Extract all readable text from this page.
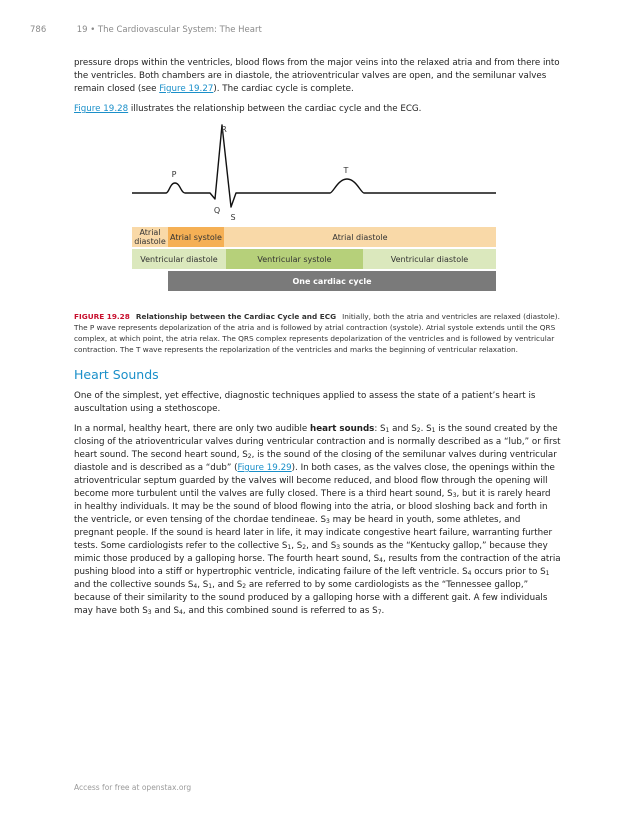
786	19 • The Cardiovascular System: The Heart

pressure drops within the ventricles, blood flows from the major veins into the relaxed atria and from there into the ventricles. Both chambers are in diastole, the atrioventricular valves are open, and the semilunar valves remain closed (see Figure 19.27). The cardiac cycle is complete.

Figure 19.28 illustrates the relationship between the cardiac cycle and the ECG.

P
Q
R
S
T
Atrial diastole Atrial systole	Atrial diastole
Ventricular diastole	Ventricular systole	Ventricular diastole
One cardiac cycle
FIGURE 19.28 Relationship between the Cardiac Cycle and ECG Initially, both the atria and ventricles are relaxed (diastole). The P wave represents depolarization of the atria and is followed by atrial contraction (systole). Atrial systole extends until the QRS complex, at which point, the atria relax. The QRS complex represents depolarization of the ventricles and is followed by ventricular contraction. The T wave represents the repolarization of the ventricles and marks the beginning of ventricular relaxation.
Heart Sounds

One of the simplest, yet effective, diagnostic techniques applied to assess the state of a patient’s heart is auscultation using a stethoscope.

In a normal, healthy heart, there are only two audible heart sounds: $S_1$ and $S_2$. $S_1$ is the sound created by the closing of the atrioventricular valves during ventricular contraction and is normally described as a “lub,” or first heart sound. The second heart sound, $S_2$, is the sound of the closing of the semilunar valves during ventricular diastole and is described as a “dub” (Figure 19.29). In both cases, as the valves close, the openings within the atrioventricular septum guarded by the valves will become reduced, and blood flow through the opening will become more turbulent until the valves are fully closed. There is a third heart sound, $S_3$, but it is rarely heard in healthy individuals. It may be the sound of blood flowing into the atria, or blood sloshing back and forth in the ventricle, or even tensing of the chordae tendineae. $S_3$ may be heard in youth, some athletes, and pregnant people. If the sound is heard later in life, it may indicate congestive heart failure, warranting further tests. Some cardiologists refer to the collective $S_1$, $S_2$, and $S_3$ sounds as the “Kentucky gallop,” because they mimic those produced by a galloping horse. The fourth heart sound, $S_4$, results from the contraction of the atria pushing blood into a stiff or hypertrophic ventricle, indicating failure of the left ventricle. $S_4$ occurs prior to $S_1$ and the collective sounds $S_4$, $S_1$, and $S_2$ are referred to by some cardiologists as the “Tennessee gallop,” because of their similarity to the sound produced by a galloping horse with a different gait. A few individuals may have both $S_3$ and $S_4$, and this combined sound is referred to as $S_7$.

Access for free at openstax.org
